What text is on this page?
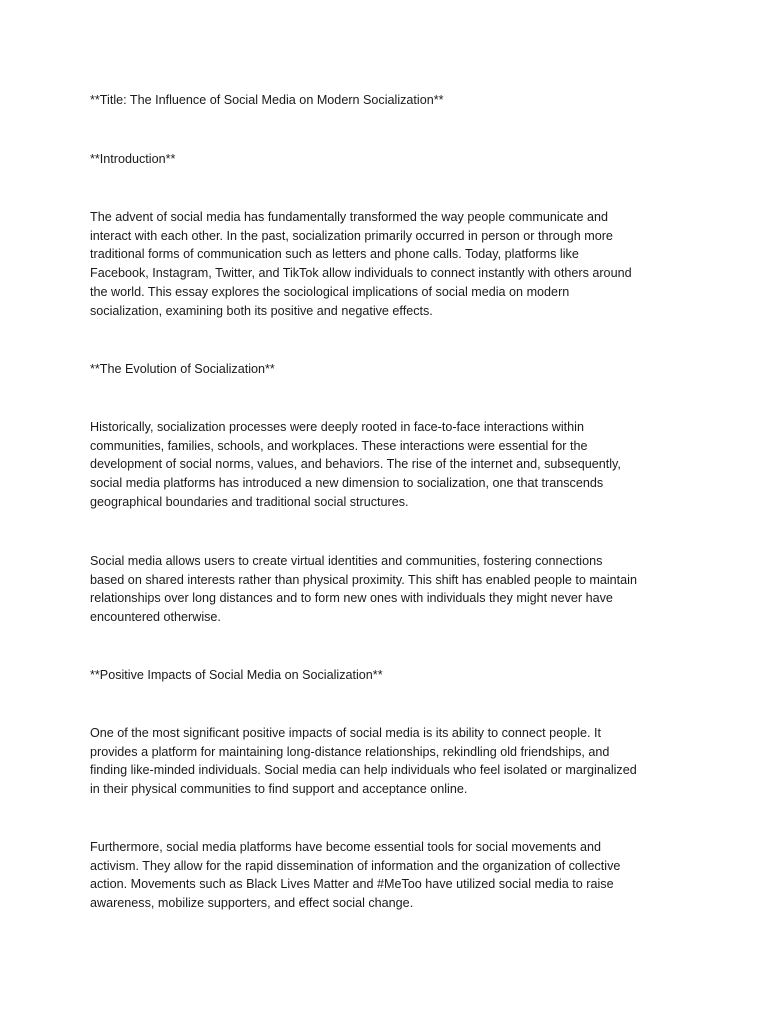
**Title: The Influence of Social Media on Modern Socialization**

**Introduction**

The advent of social media has fundamentally transformed the way people communicate and
interact with each other. In the past, socialization primarily occurred in person or through more
traditional forms of communication such as letters and phone calls. Today, platforms like
Facebook, Instagram, Twitter, and TikTok allow individuals to connect instantly with others around
the world. This essay explores the sociological implications of social media on modern
socialization, examining both its positive and negative effects.

**The Evolution of Socialization**

Historically, socialization processes were deeply rooted in face-to-face interactions within
communities, families, schools, and workplaces. These interactions were essential for the
development of social norms, values, and behaviors. The rise of the internet and, subsequently,
social media platforms has introduced a new dimension to socialization, one that transcends
geographical boundaries and traditional social structures.
Social media allows users to create virtual identities and communities, fostering connections
based on shared interests rather than physical proximity. This shift has enabled people to maintain
relationships over long distances and to form new ones with individuals they might never have
encountered otherwise.

**Positive Impacts of Social Media on Socialization**

One of the most significant positive impacts of social media is its ability to connect people. It
provides a platform for maintaining long-distance relationships, rekindling old friendships, and
finding like-minded individuals. Social media can help individuals who feel isolated or marginalized
in their physical communities to find support and acceptance online.
Furthermore, social media platforms have become essential tools for social movements and
activism. They allow for the rapid dissemination of information and the organization of collective
action. Movements such as Black Lives Matter and #MeToo have utilized social media to raise
awareness, mobilize supporters, and effect social change.
